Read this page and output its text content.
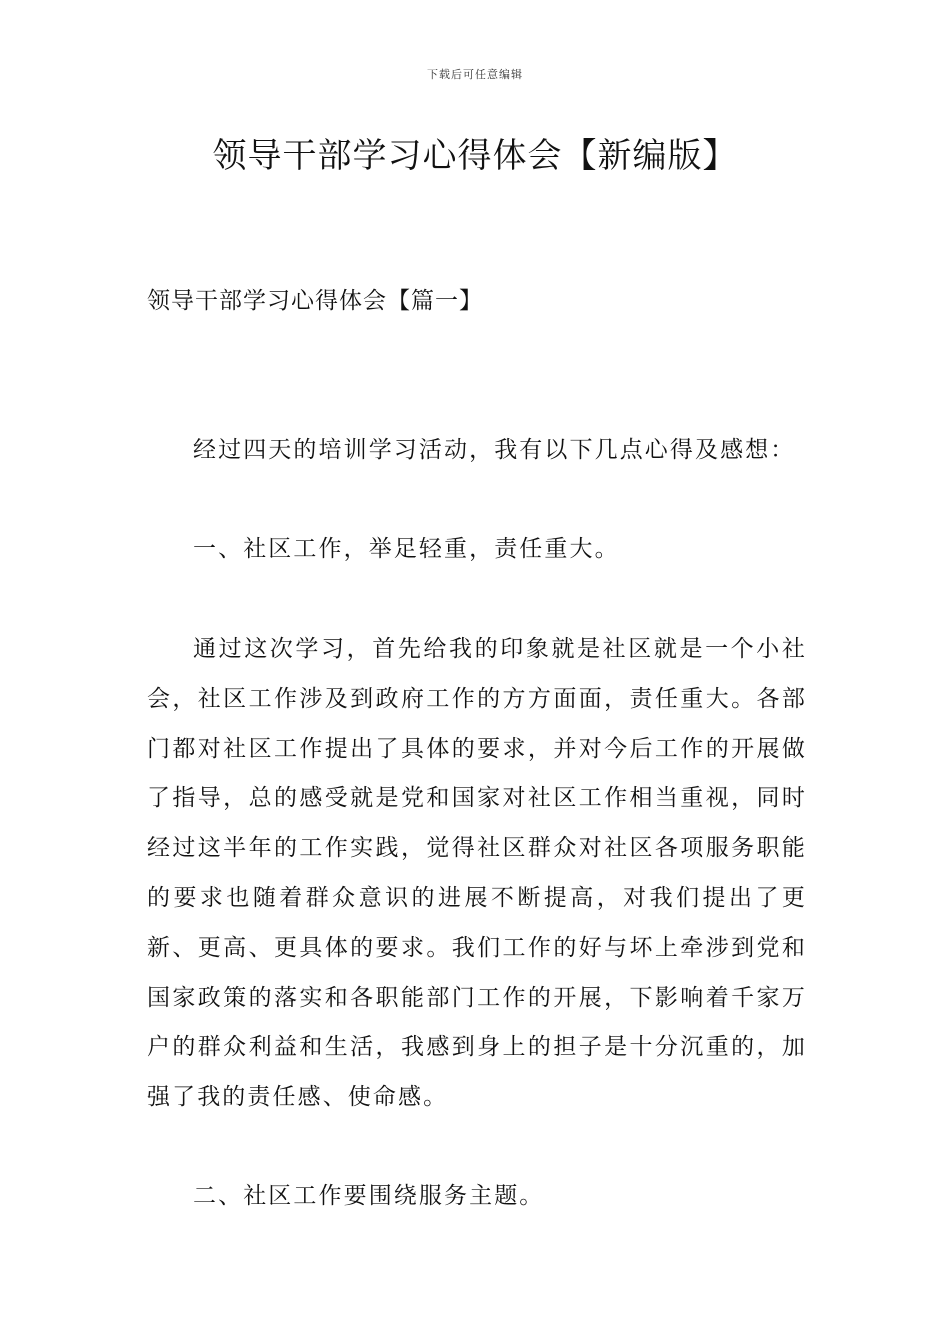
下载后可任意编辑
领导干部学习心得体会【新编版】
领导干部学习心得体会【篇一】

经过四天的培训学习活动，我有以下几点心得及感想：

一、社区工作，举足轻重，责任重大。

通过这次学习，首先给我的印象就是社区就是一个小社会，社区工作涉及到政府工作的方方面面，责任重大。各部门都对社区工作提出了具体的要求，并对今后工作的开展做了指导，总的感受就是党和国家对社区工作相当重视，同时经过这半年的工作实践，觉得社区群众对社区各项服务职能的要求也随着群众意识的进展不断提高，对我们提出了更新、更高、更具体的要求。我们工作的好与坏上牵涉到党和国家政策的落实和各职能部门工作的开展，下影响着千家万户的群众利益和生活，我感到身上的担子是十分沉重的，加强了我的责任感、使命感。

二、社区工作要围绕服务主题。
